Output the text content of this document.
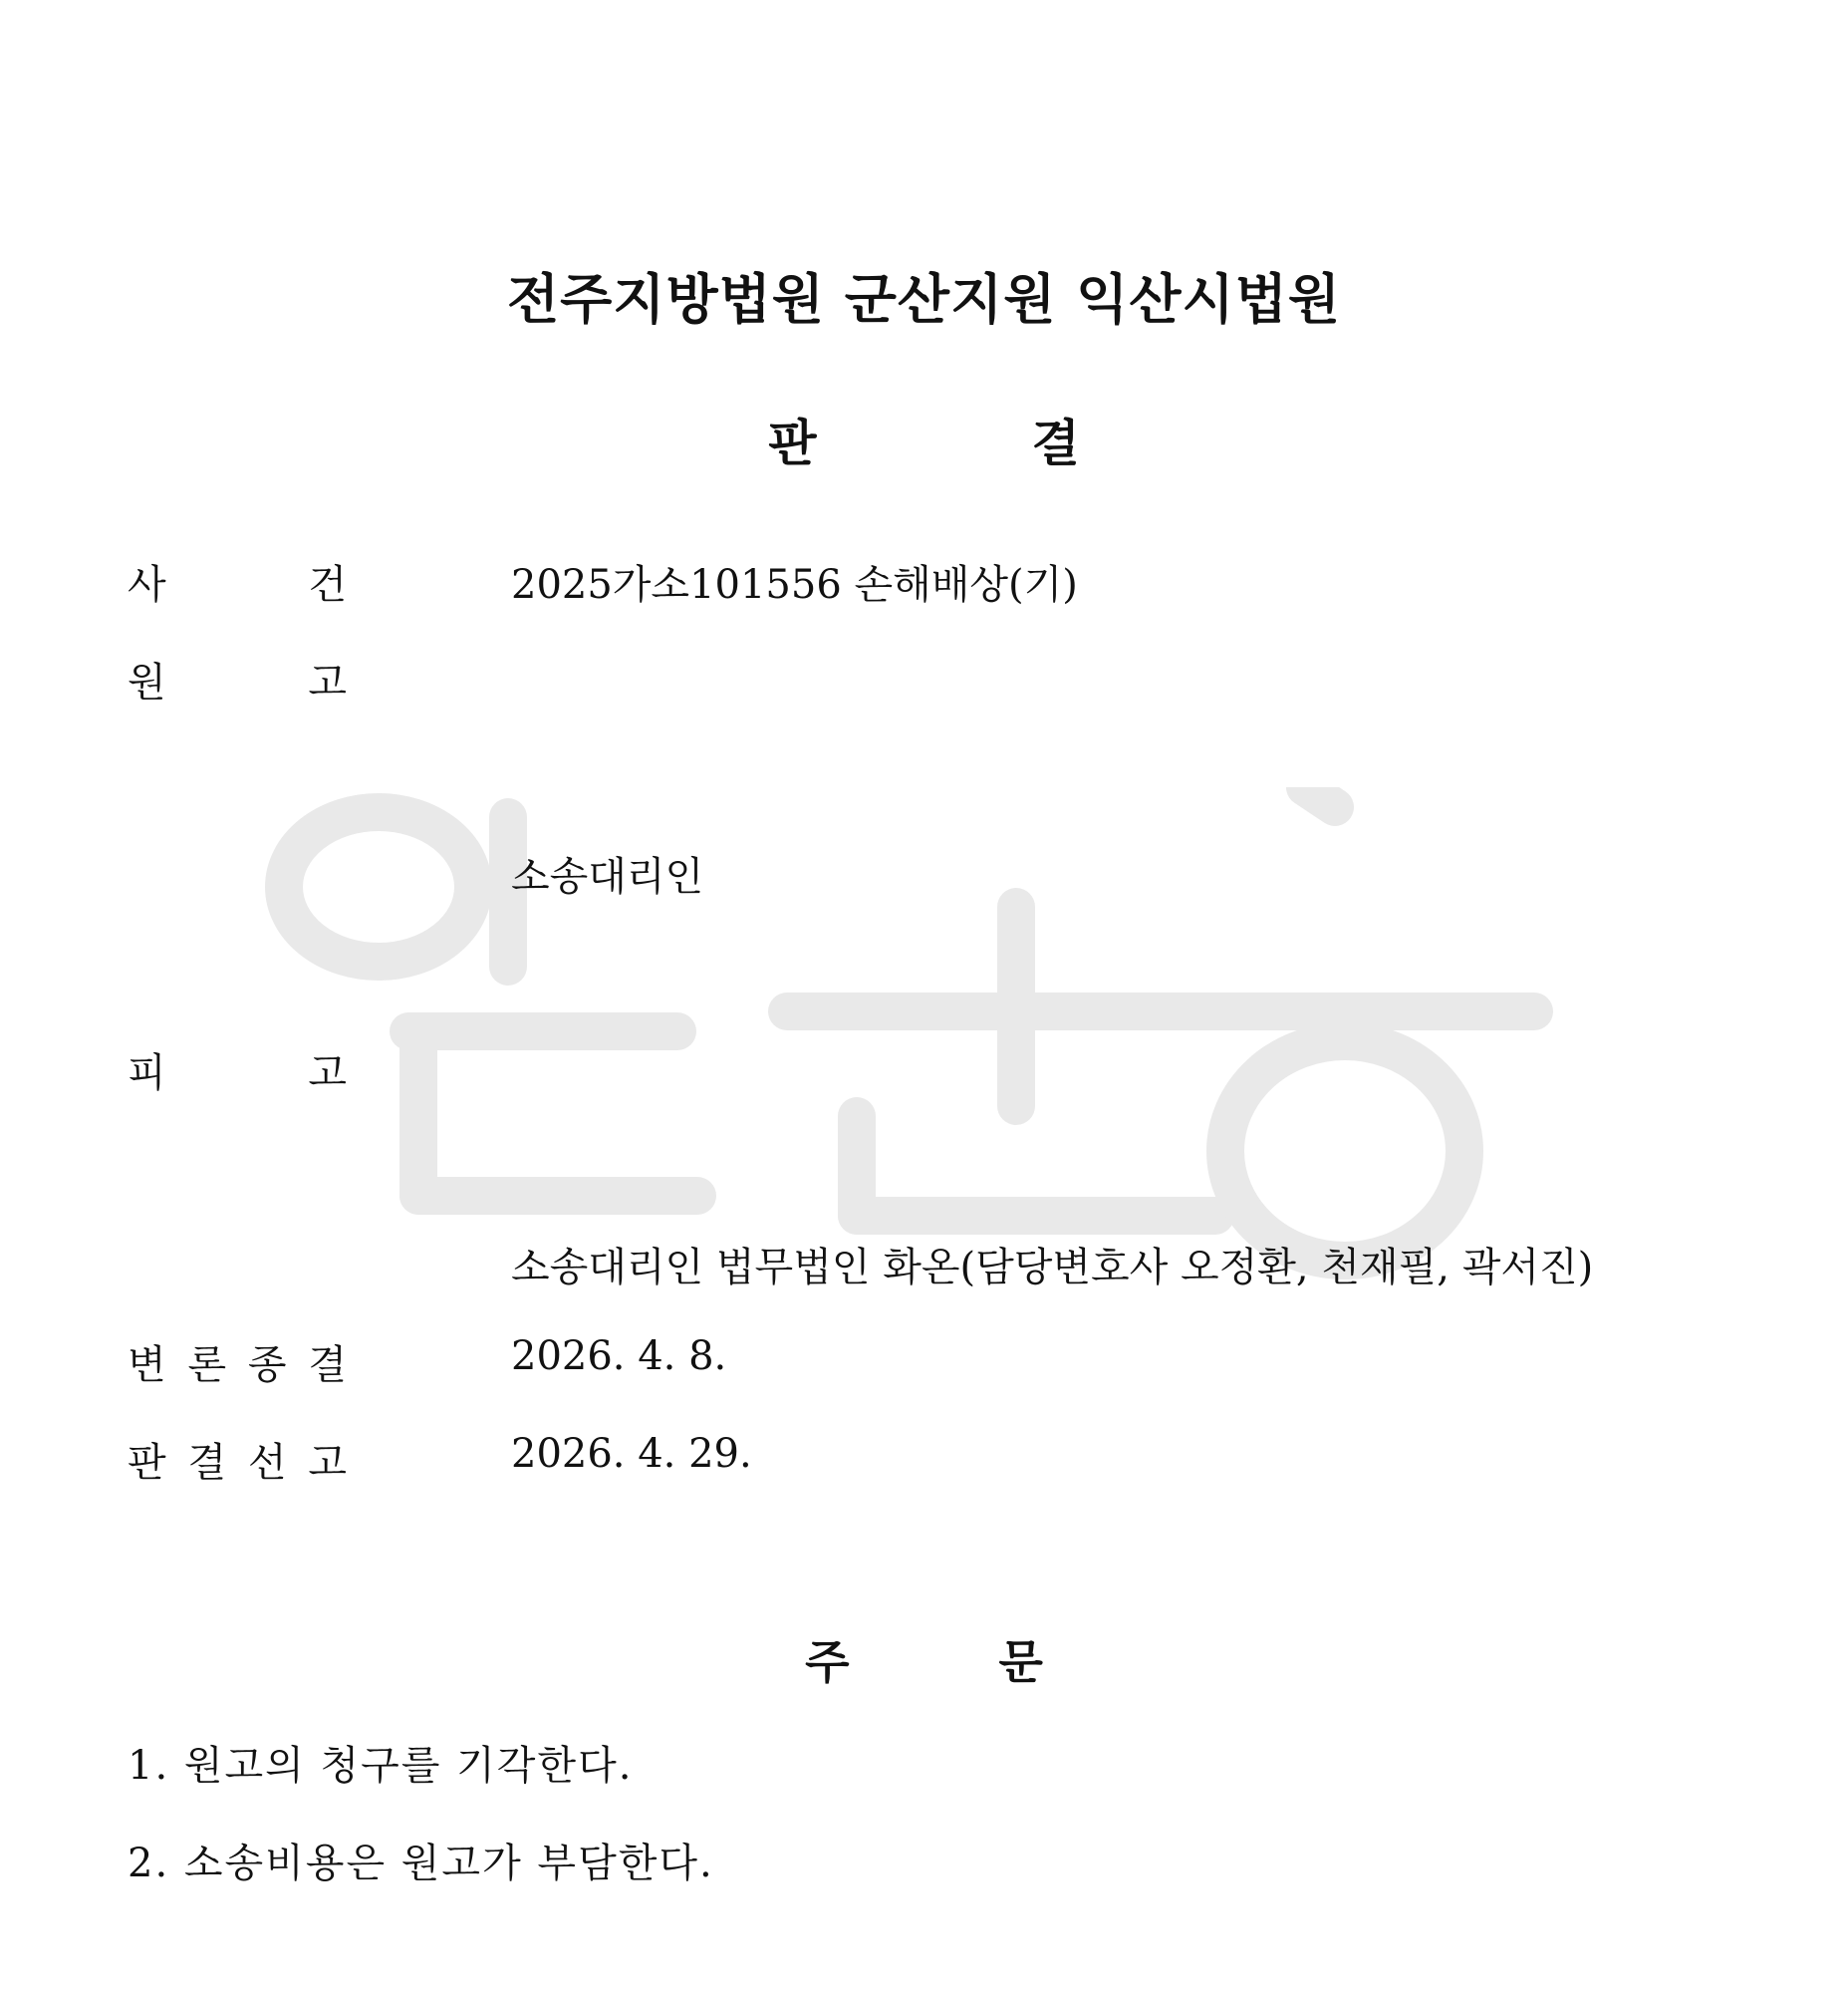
전주지방법원 군산지원 익산시법원
판	결
사	건	2025가소101556 손해배상(기)
원	고
소송대리인
피	고
소송대리인 법무법인 화온(담당변호사 오정환, 천재필, 곽서진)
변 론 종 결	2026. 4. 8.
판 결 선 고	2026. 4. 29.
주	문
1. 원고의 청구를 기각한다.
2. 소송비용은 원고가 부담한다.
